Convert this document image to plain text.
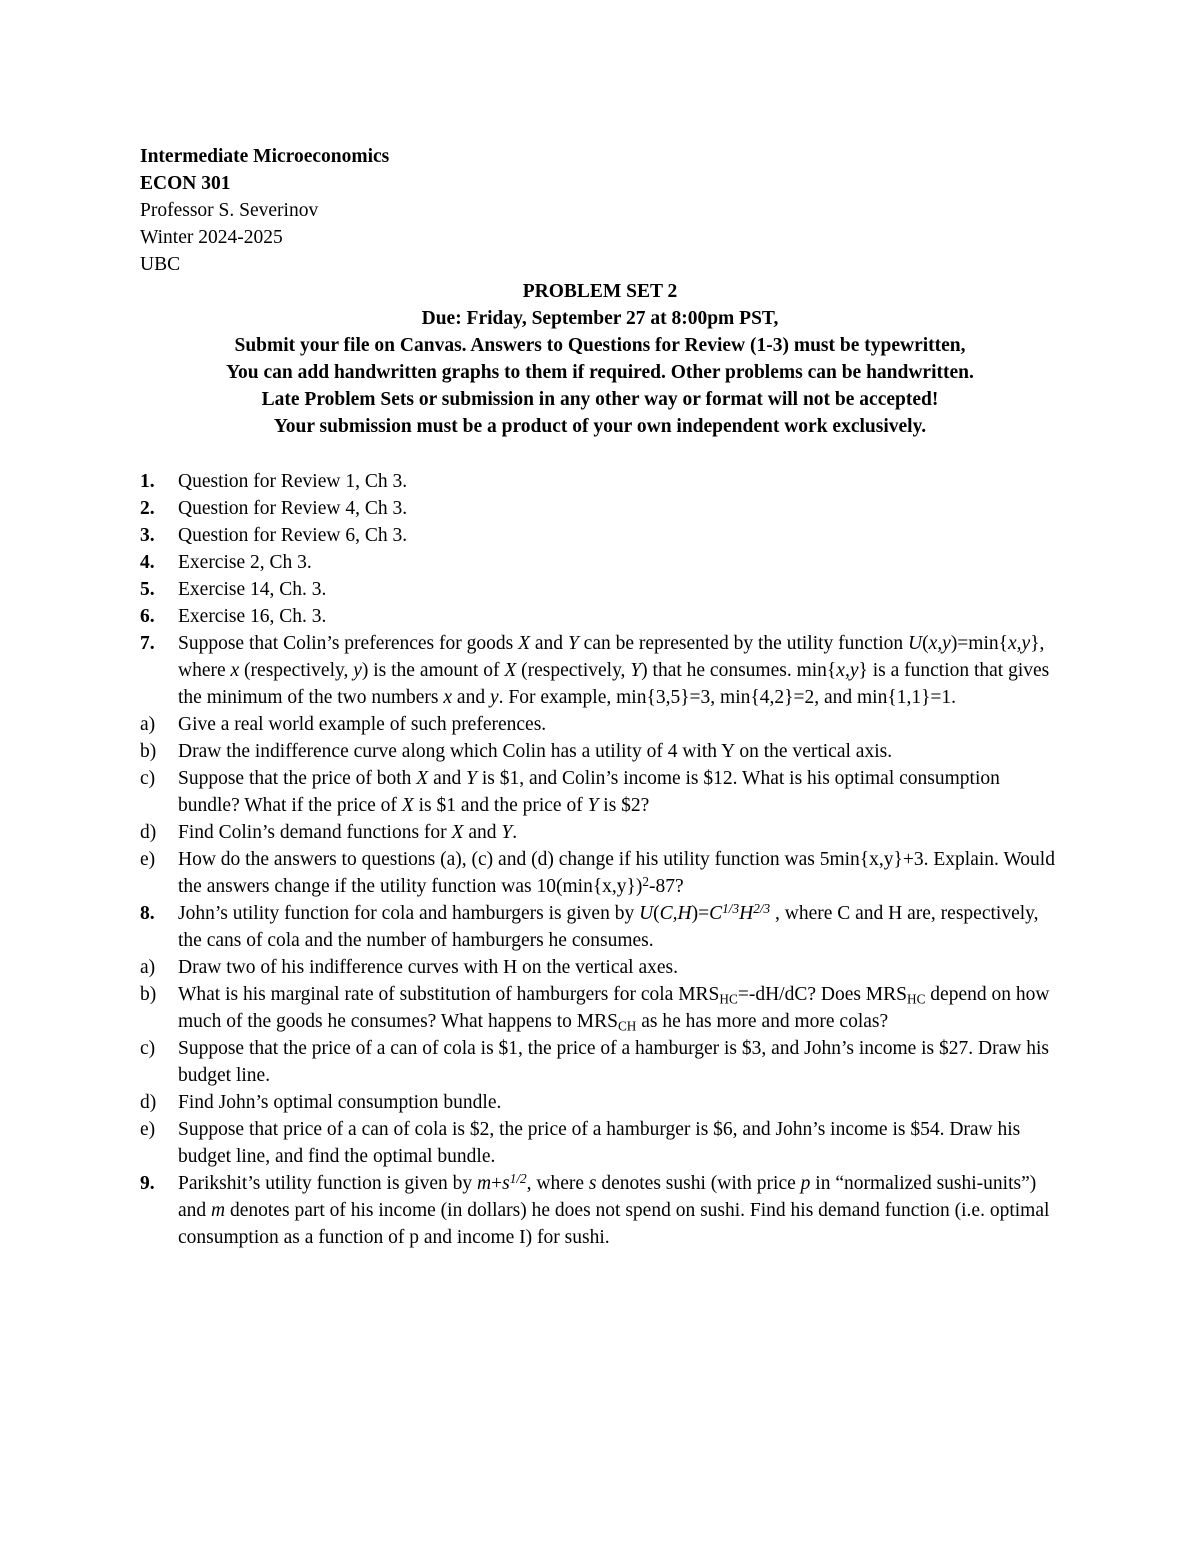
Intermediate Microeconomics
ECON 301
Professor S. Severinov
Winter 2024-2025
UBC
PROBLEM SET 2
Due: Friday, September 27 at 8:00pm PST,
Submit your file on Canvas. Answers to Questions for Review (1-3) must be typewritten,
You can add handwritten graphs to them if required. Other problems can be handwritten.
Late Problem Sets or submission in any other way or format will not be accepted!
Your submission must be a product of your own independent work exclusively.
1. Question for Review 1, Ch 3.
2. Question for Review 4, Ch 3.
3. Question for Review 6, Ch 3.
4. Exercise 2, Ch 3.
5. Exercise 14, Ch. 3.
6. Exercise 16, Ch. 3.
7. Suppose that Colin’s preferences for goods X and Y can be represented by the utility function U(x,y)=min{x,y}, where x (respectively, y) is the amount of X (respectively, Y) that he consumes. min{x,y} is a function that gives the minimum of the two numbers x and y. For example, min{3,5}=3, min{4,2}=2, and min{1,1}=1.
a) Give a real world example of such preferences.
b) Draw the indifference curve along which Colin has a utility of 4 with Y on the vertical axis.
c) Suppose that the price of both X and Y is $1, and Colin’s income is $12. What is his optimal consumption bundle? What if the price of X is $1 and the price of Y is $2?
d) Find Colin’s demand functions for X and Y.
e) How do the answers to questions (a), (c) and (d) change if his utility function was 5min{x,y}+3. Explain. Would the answers change if the utility function was $10(\min\{x,y\})^2-87$?
8. John’s utility function for cola and hamburgers is given by $U(C,H)=C^{1/3}H^{2/3}$ , where C and H are, respectively, the cans of cola and the number of hamburgers he consumes.
a) Draw two of his indifference curves with H on the vertical axes.
b) What is his marginal rate of substitution of hamburgers for cola $MRS_{HC}=-dH/dC$? Does $MRS_{HC}$ depend on how much of the goods he consumes? What happens to $MRS_{CH}$ as he has more and more colas?
c) Suppose that the price of a can of cola is $1, the price of a hamburger is $3, and John’s income is $27. Draw his budget line.
d) Find John’s optimal consumption bundle.
e) Suppose that price of a can of cola is $2, the price of a hamburger is $6, and John’s income is $54. Draw his budget line, and find the optimal bundle.
9. Parikshit’s utility function is given by $m+s^{1/2}$, where s denotes sushi (with price p in “normalized sushi-units”) and m denotes part of his income (in dollars) he does not spend on sushi. Find his demand function (i.e. optimal consumption as a function of p and income I) for sushi.
